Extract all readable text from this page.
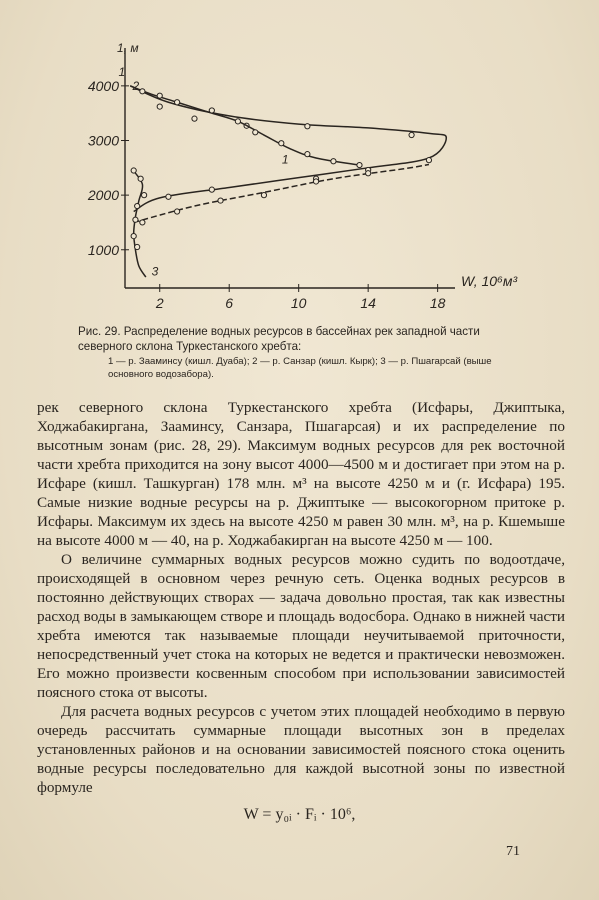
1000
2000
3000
4000
2	6	10	14	18
1, м
W, 10⁶м³
1
2
1
3
Рис. 29. Распределение водных ресурсов в бассейнах рек западной части северного склона Туркестанского хребта:
1 — р. Зааминсу (кишл. Дуаба); 2 — р. Санзар (кишл. Кырк); 3 — р. Пшагарсай (выше основного водозабора).

рек северного склона Туркестанского хребта (Исфары, Джиптыка, Ходжабакиргана, Зааминсу, Санзара, Пшагарсая) и их распределение по высотным зонам (рис. 28, 29). Максимум водных ресурсов для рек восточной части хребта приходится на зону высот 4000—4500 м и достигает при этом на р. Исфаре (кишл. Ташкурган) 178 млн. м³ на высоте 4250 м и (г. Исфара) 195. Самые низкие водные ресурсы на р. Джиптыке — высокогорном притоке р. Исфары. Максимум их здесь на высоте 4250 м равен 30 млн. м³, на р. Кшемыше на высоте 4000 м — 40, на р. Ходжабакирган на высоте 4250 м — 100.

О величине суммарных водных ресурсов можно судить по водоотдаче, происходящей в основном через речную сеть. Оценка водных ресурсов в постоянно действующих створах — задача довольно простая, так как известны расход воды в замыкающем створе и площадь водосбора. Однако в нижней части хребта имеются так называемые площади неучитываемой приточности, непосредственный учет стока на которых не ведется и практически невозможен. Его можно произвести косвенным способом при использовании зависимостей поясного стока от высоты.

Для расчета водных ресурсов с учетом этих площадей необходимо в первую очередь рассчитать суммарные площади высотных зон в пределах установленных районов и на основании зависимостей поясного стока оценить водные ресурсы последовательно для каждой высотной зоны по известной формуле

W = y₀ᵢ · Fᵢ · 10⁶,
71
